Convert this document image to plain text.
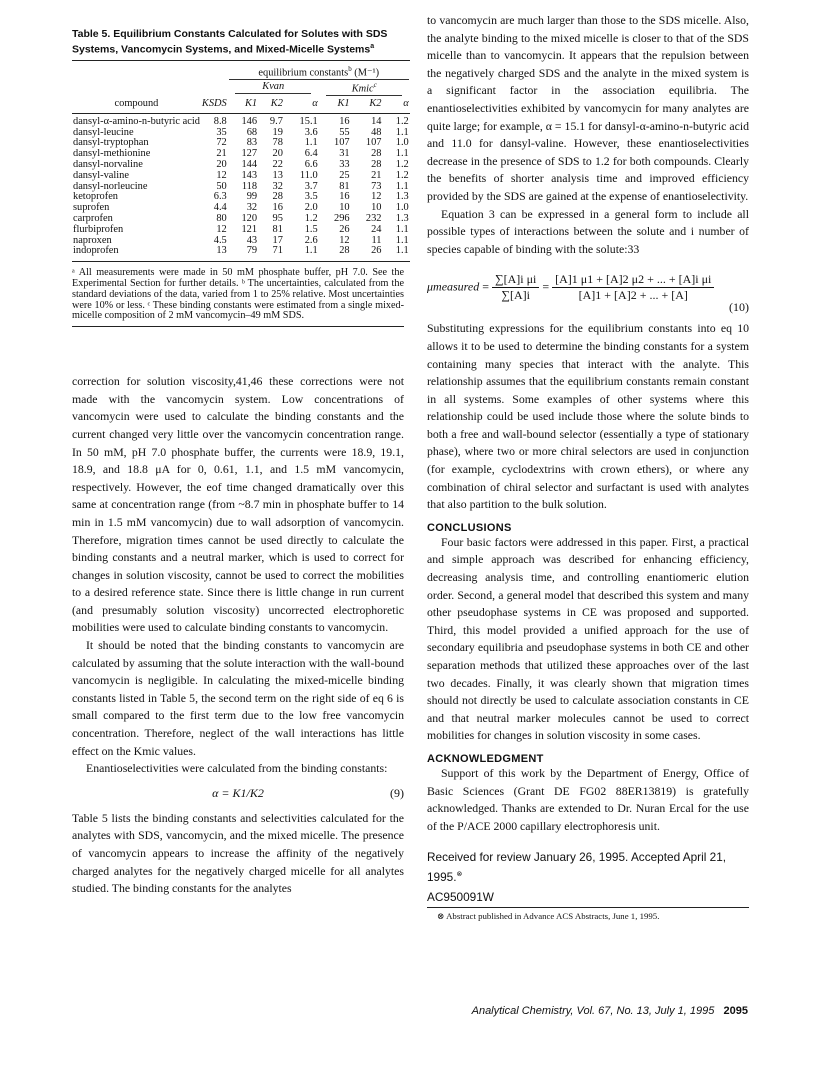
Table 5. Equilibrium Constants Calculated for Solutes with SDS Systems, Vancomycin Systems, and Mixed-Micelle Systems$^a$
		equilibrium constants$^b$ (M⁻¹)					
		Kvan			Kmic$^c$
compound	KSDS	K1	K2	α	K1	K2	α
dansyl-α-amino-n-butyric acid	8.8	146	9.7	15.1	16	14	1.2
dansyl-leucine	35	68	19	3.6	55	48	1.1
dansyl-tryptophan	72	83	78	1.1	107	107	1.0
dansyl-methionine	21	127	20	6.4	31	28	1.1
dansyl-norvaline	20	144	22	6.6	33	28	1.2
dansyl-valine	12	143	13	11.0	25	21	1.2
dansyl-norleucine	50	118	32	3.7	81	73	1.1
ketoprofen	6.3	99	28	3.5	16	12	1.3
suprofen	4.4	32	16	2.0	10	10	1.0
carprofen	80	120	95	1.2	296	232	1.3
flurbiprofen	12	121	81	1.5	26	24	1.1
naproxen	4.5	43	17	2.6	12	11	1.1
indoprofen	13	79	71	1.1	28	26	1.1
ᵃ All measurements were made in 50 mM phosphate buffer, pH 7.0. See the Experimental Section for further details. ᵇ The uncertainties, calculated from the standard deviations of the data, varied from 1 to 25% relative. Most uncertainties were 10% or less. ᶜ These binding constants were estimated from a single mixed-micelle composition of 2 mM vancomycin–49 mM SDS.

correction for solution viscosity,41,46 these corrections were not made with the vancomycin system. Low concentrations of vancomycin were used to calculate the binding constants and the current changed very little over the vancomycin concentration range. In 50 mM, pH 7.0 phosphate buffer, the currents were 18.9, 19.1, 18.9, and 18.8 μA for 0, 0.61, 1.1, and 1.5 mM vancomycin, respectively. However, the eof time changed dramatically over this same at concentration range (from ~8.7 min in phosphate buffer to 14 min in 1.5 mM vancomycin) due to wall adsorption of vancomycin. Therefore, migration times cannot be used directly to calculate the binding constants and a neutral marker, which is used to correct for changes in solution viscosity, cannot be used to correct the mobilities to a desired reference state. Since there is little change in run current (and presumably solution viscosity) uncorrected electrophoretic mobilities were used to calculate binding constants to vancomycin.

It should be noted that the binding constants to vancomycin are calculated by assuming that the solute interaction with the wall-bound vancomycin is negligible. In calculating the mixed-micelle binding constants listed in Table 5, the second term on the right side of eq 6 is small compared to the first term due to the low free vancomycin concentration. Therefore, neglect of the wall interactions has little effect on the Kmic values.

Enantioselectivities were calculated from the binding constants:

α = K1/K2	(9)

Table 5 lists the binding constants and selectivities calculated for the analytes with SDS, vancomycin, and the mixed micelle. The presence of vancomycin appears to increase the affinity of the negatively charged analytes for the negatively charged micelle for all analytes studied. The binding constants for the analytes

to vancomycin are much larger than those to the SDS micelle. Also, the analyte binding to the mixed micelle is closer to that of the SDS micelle than to vancomycin. It appears that the repulsion between the negatively charged SDS and the analyte in the mixed system is a significant factor in the association equilibria. The enantioselectivities exhibited by vancomycin for many analytes are quite large; for example, α = 15.1 for dansyl-α-amino-n-butyric acid and 11.0 for dansyl-valine. However, these enantioselectivities decrease in the presence of SDS to 1.2 for both compounds. Clearly the benefits of shorter analysis time and improved efficiency provided by the SDS are gained at the expense of enantioselectivity.

Equation 3 can be expressed in a general form to include all possible types of interactions between the solute and i number of species capable of binding with the solute:33

μmeasured = $\frac{\text{∑[A]i μi}}{\sum[A]i} = \frac{\text{[A]1 μ1 + [A]2 μ2 + ... + [A]i μi}}{[A]1 + [A]2 + ... + [A]}$
(10)

Substituting expressions for the equilibrium constants into eq 10 allows it to be used to determine the binding constants for a system containing many species that interact with the analyte. This relationship assumes that the equilibrium constants remain constant in all systems. Some examples of other systems where this relationship could be used include those where the solute binds to both a free and wall-bound selector (essentially a type of stationary phase), where two or more chiral selectors are used in conjunction (for example, cyclodextrins with crown ethers), or where any combination of chiral selector and surfactant is used with analytes that also partition to the bulk solution.

CONCLUSIONS

Four basic factors were addressed in this paper. First, a practical and simple approach was described for enhancing efficiency, decreasing analysis time, and controlling enantiomeric elution order. Second, a general model that described this system and many other pseudophase systems in CE was proposed and supported. Third, this model provided a unified approach for the use of secondary equilibria and pseudophase systems in both CE and other separation methods that utilized these approaches over of the last two decades. Finally, it was clearly shown that migration times should not directly be used to calculate association constants in CE and that neutral marker molecules cannot be used to correct mobilities for changes in solution viscosity in some cases.

ACKNOWLEDGMENT

Support of this work by the Department of Energy, Office of Basic Sciences (Grant DE FG02 88ER13819) is gratefully acknowledged. Thanks are extended to Dr. Nuran Ercal for the use of the P/ACE 2000 capillary electrophoresis unit.

Received for review January 26, 1995. Accepted April 21, 1995.⊗
AC950091W
⊗ Abstract published in Advance ACS Abstracts, June 1, 1995.
Analytical Chemistry, Vol. 67, No. 13, July 1, 1995 2095
